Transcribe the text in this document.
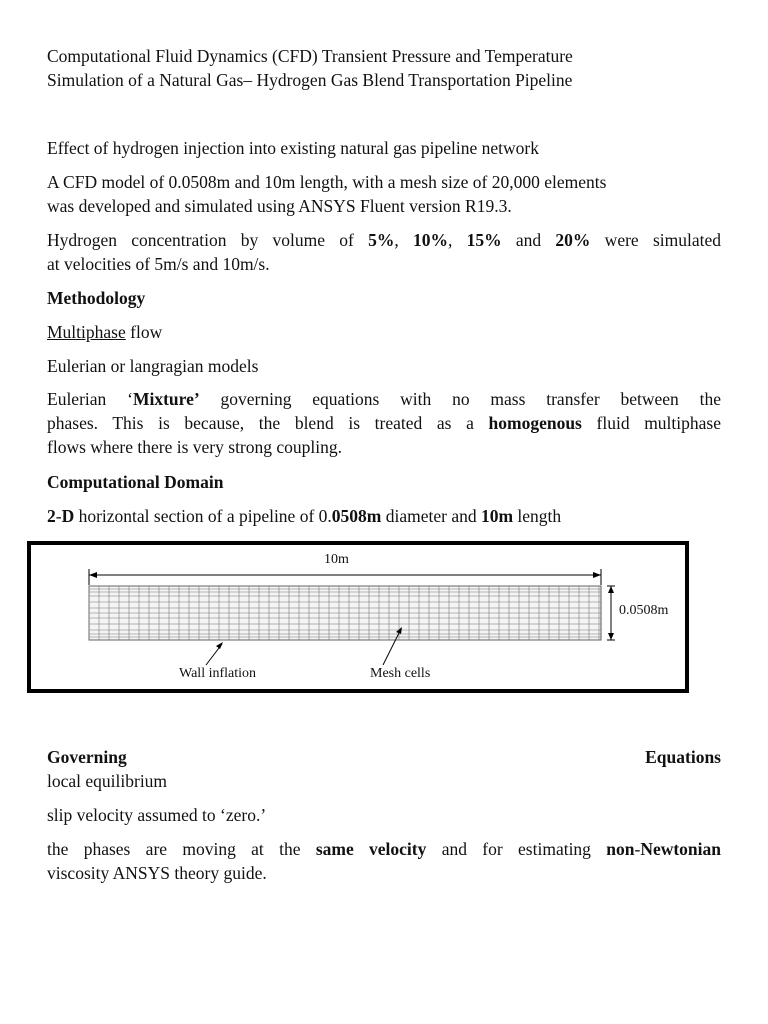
Computational Fluid Dynamics (CFD) Transient Pressure and Temperature

Simulation of a Natural Gas– Hydrogen Gas Blend Transportation Pipeline

Effect of hydrogen injection into existing natural gas pipeline network

A CFD model of 0.0508m and 10m length, with a mesh size of 20,000 elements

was developed and simulated using ANSYS Fluent version R19.3.

Hydrogen concentration by volume of 5%, 10%, 15% and 20% were simulated

at velocities of 5m/s and 10m/s.

Methodology

Multiphase flow

Eulerian or langragian models

Eulerian ‘Mixture’ governing equations with no mass transfer between the

phases. This is because, the blend is treated as a homogenous fluid multiphase

flows where there is very strong coupling.

Computational Domain

2-D horizontal section of a pipeline of 0.0508m diameter and 10m length

Governing	Equations

local equilibrium

slip velocity assumed to ‘zero.’

the phases are moving at the same velocity and for estimating non-Newtonian

viscosity ANSYS theory guide.

10m
0.0508m
Wall inflation	Mesh cells
